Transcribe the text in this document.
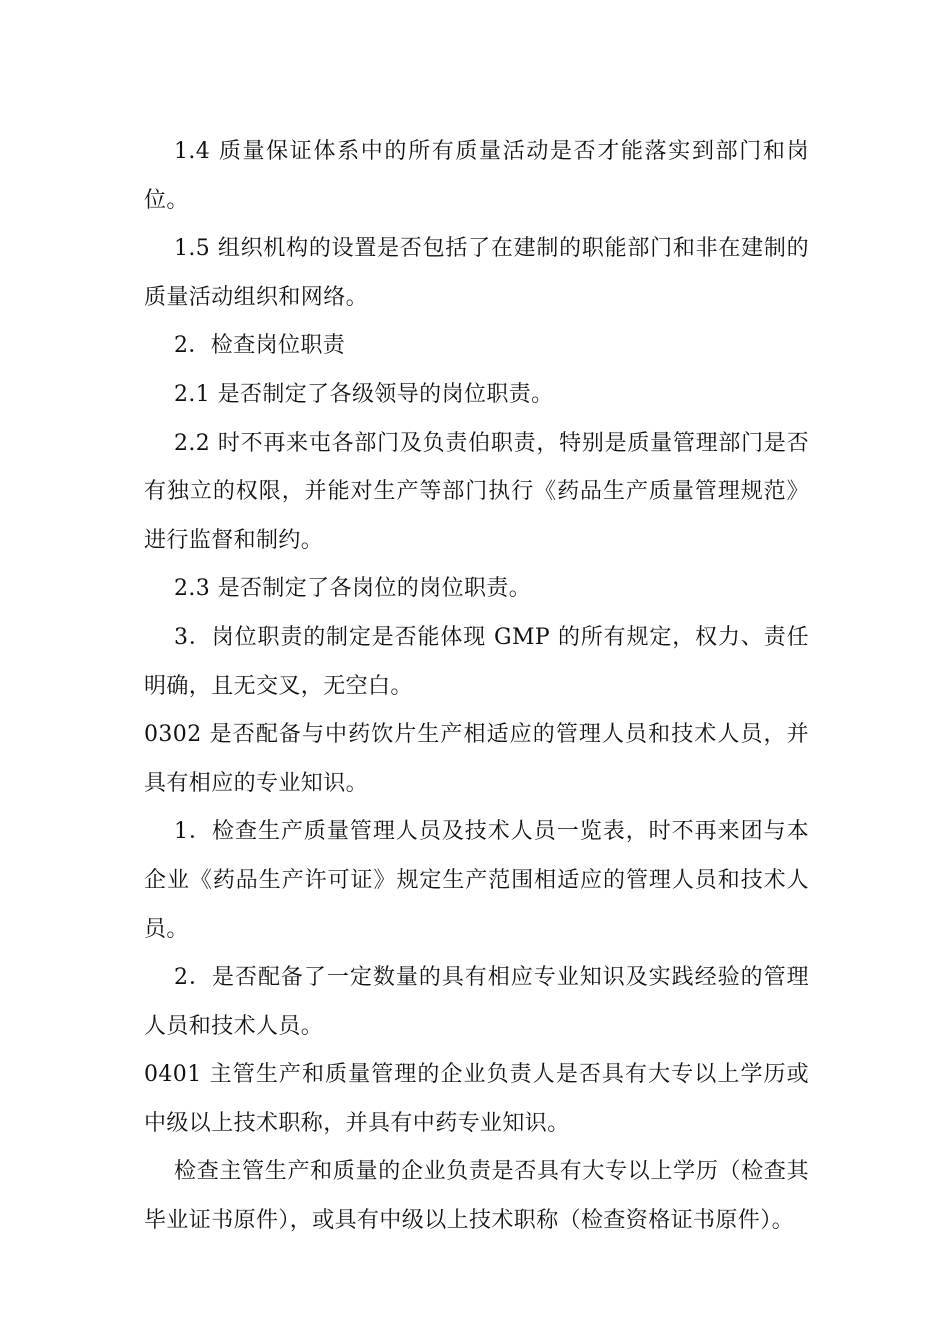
1.4 质量保证体系中的所有质量活动是否才能落实到部门和岗位。

1.5 组织机构的设置是否包括了在建制的职能部门和非在建制的质量活动组织和网络。

2．检查岗位职责

2.1 是否制定了各级领导的岗位职责。

2.2 时不再来屯各部门及负责伯职责，特别是质量管理部门是否有独立的权限，并能对生产等部门执行《药品生产质量管理规范》进行监督和制约。

2.3 是否制定了各岗位的岗位职责。

3．岗位职责的制定是否能体现 GMP 的所有规定，权力、责任明确，且无交叉，无空白。

0302 是否配备与中药饮片生产相适应的管理人员和技术人员，并具有相应的专业知识。

1．检查生产质量管理人员及技术人员一览表，时不再来团与本企业《药品生产许可证》规定生产范围相适应的管理人员和技术人员。

2．是否配备了一定数量的具有相应专业知识及实践经验的管理人员和技术人员。

0401 主管生产和质量管理的企业负责人是否具有大专以上学历或中级以上技术职称，并具有中药专业知识。

检查主管生产和质量的企业负责是否具有大专以上学历（检查其毕业证书原件），或具有中级以上技术职称（检查资格证书原件）。
